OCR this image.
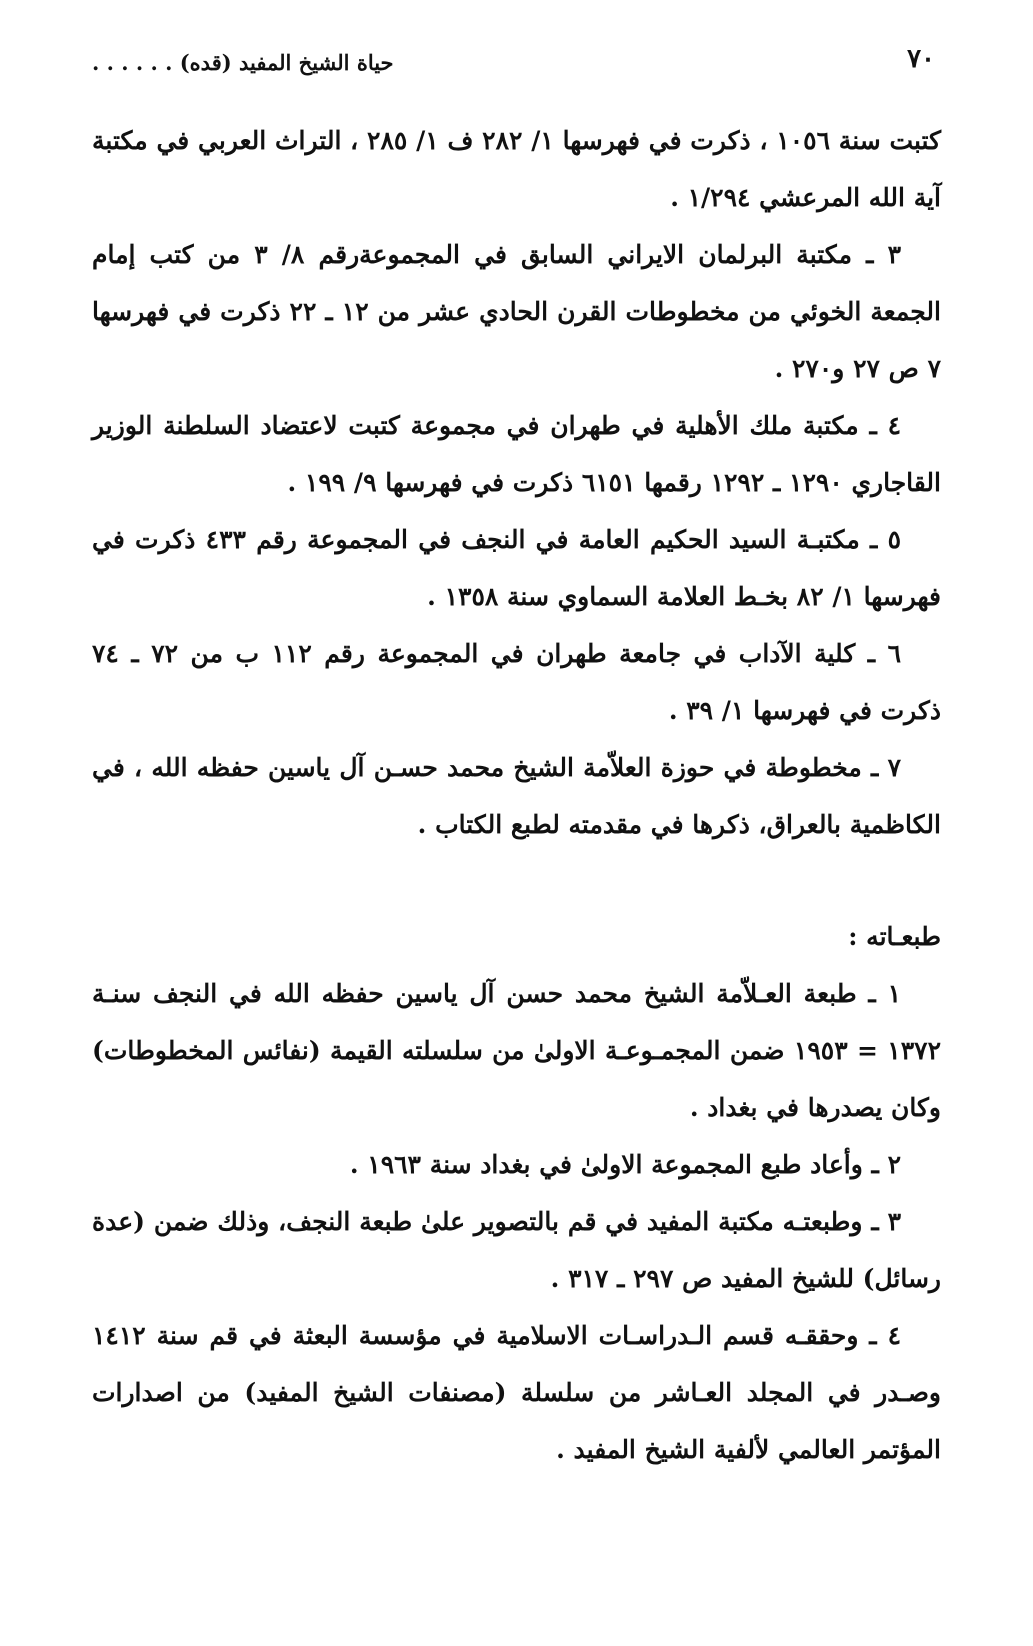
٧٠
حياة الشيخ المفيد (قده) . . . . . .

كتبت سنة ١٠٥٦ ، ذكرت في فهرسها ١/ ٢٨٢ ف ١/ ٢٨٥ ، التراث العربي في مكتبة آية الله المرعشي ١/٢٩٤ .

٣ ـ مكتبة البرلمان الايراني السابق في المجموعةرقم ٨/ ٣ من كتب إمام الجمعة الخوئي من مخطوطات القرن الحادي عشر من ١٢ ـ ٢٢ ذكرت في فهرسها ٧ ص ٢٧ و٢٧٠ .

٤ ـ مكتبة ملك الأهلية في طهران في مجموعة كتبت لاعتضاد السلطنة الوزير القاجاري ١٢٩٠ ـ ١٢٩٢ رقمها ٦١٥١ ذكرت في فهرسها ٩/ ١٩٩ .

٥ ـ مكتبـة السيد الحكيم العامة في النجف في المجموعة رقم ٤٣٣ ذكرت في فهرسها ١/ ٨٢ بخـط العلامة السماوي سنة ١٣٥٨ .

٦ ـ كلية الآداب في جامعة طهران في المجموعة رقم ١١٢ ب من ٧٢ ـ ٧٤ ذكرت في فهرسها ١/ ٣٩ .

٧ ـ مخطوطة في حوزة العلاّمة الشيخ محمد حسـن آل ياسين حفظه الله ، في الكاظمية بالعراق، ذكرها في مقدمته لطبع الكتاب .

طبعـاته :

١ ـ طبعة العـلاّمة الشيخ محمد حسن آل ياسين حفظه الله في النجف سنـة ١٣٧٢ = ١٩٥٣ ضمن المجمـوعـة الاولىٰ من سلسلته القيمة (نفائس المخطوطات) وكان يصدرها في بغداد .

٢ ـ وأعاد طبع المجموعة الاولىٰ في بغداد سنة ١٩٦٣ .

٣ ـ وطبعتـه مكتبة المفيد في قم بالتصوير علىٰ طبعة النجف، وذلك ضمن (عدة رسائل) للشيخ المفيد ص ٢٩٧ ـ ٣١٧ .

٤ ـ وحققـه قسم الـدراسـات الاسلامية في مؤسسة البعثة في قم سنة ١٤١٢ وصـدر في المجلد العـاشر من سلسلة (مصنفات الشيخ المفيد) من اصدارات المؤتمر العالمي لألفية الشيخ المفيد .
